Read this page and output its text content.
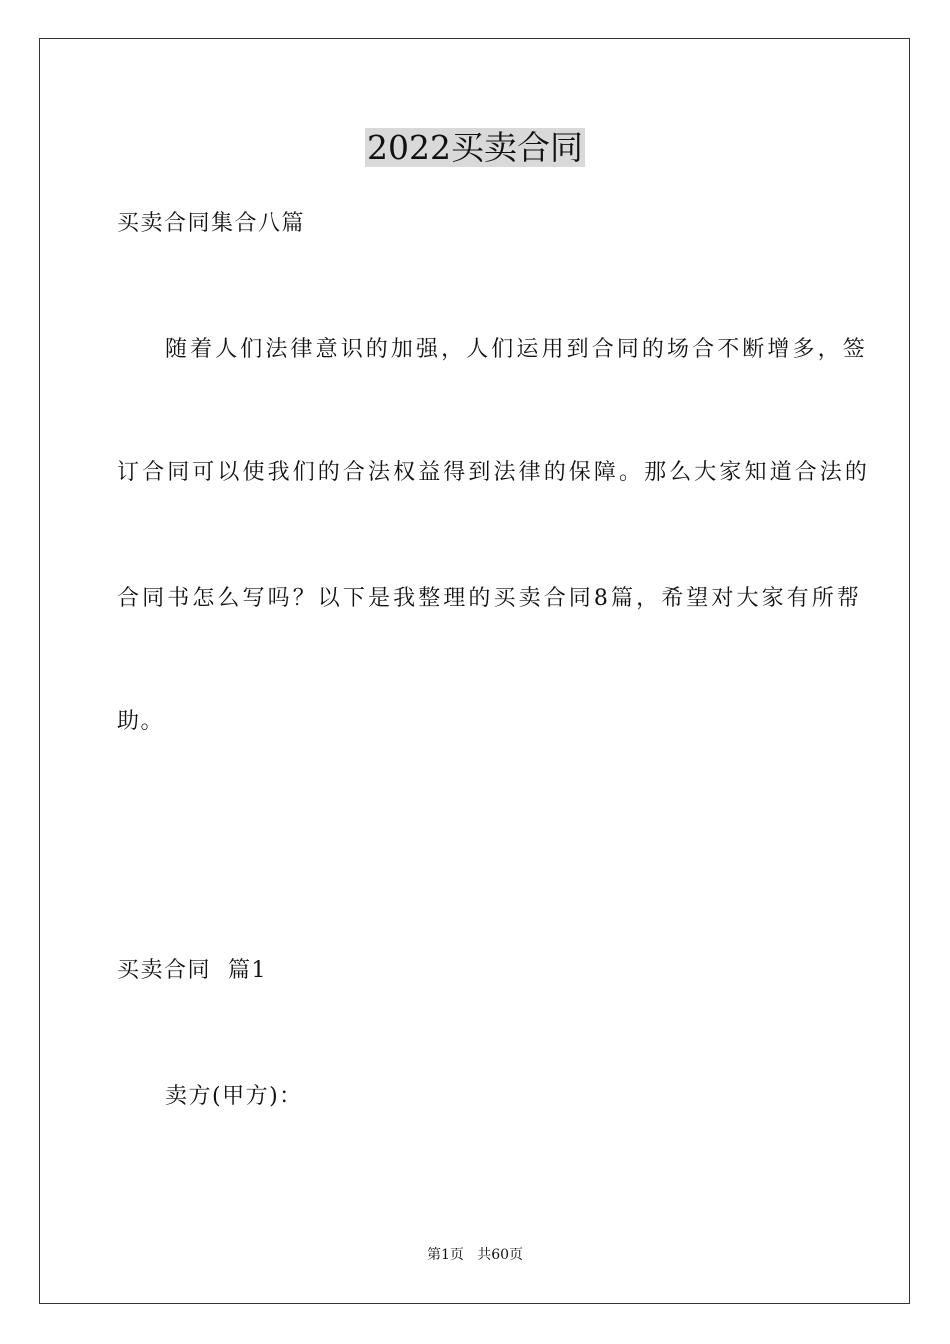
2022买卖合同
买卖合同集合八篇
随着人们法律意识的加强，人们运用到合同的场合不断增多，签
订合同可以使我们的合法权益得到法律的保障。那么大家知道合法的
合同书怎么写吗？以下是我整理的买卖合同8篇，希望对大家有所帮
助。
买卖合同  篇1
卖方(甲方)：
第1页   共60页
